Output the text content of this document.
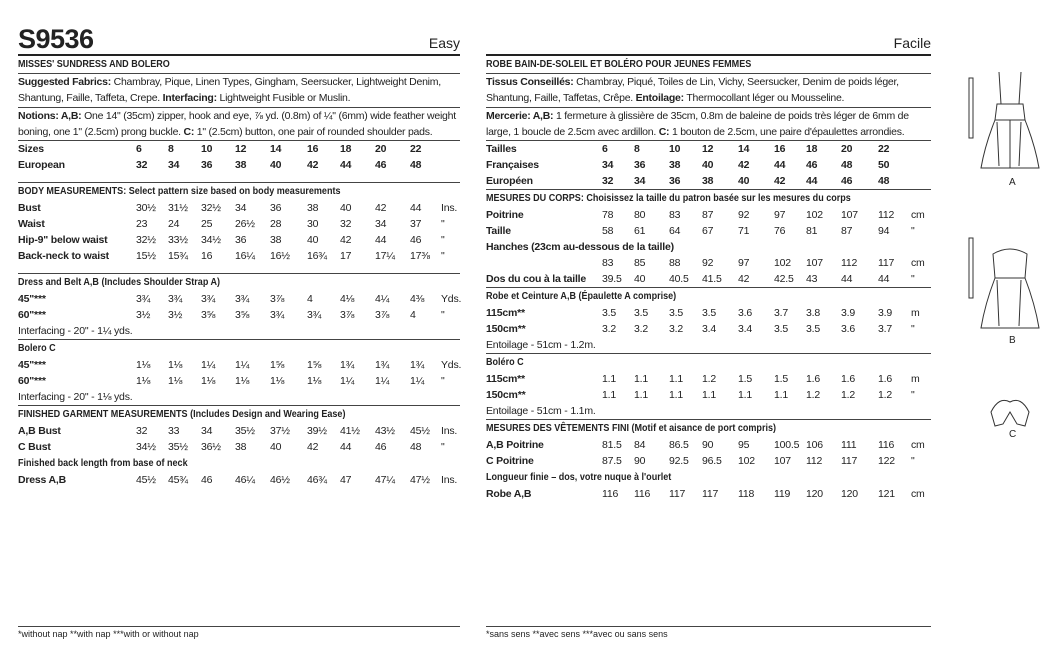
S9536	Easy
MISSES' SUNDRESS AND BOLERO
Suggested Fabrics: Chambray, Pique, Linen Types, Gingham, Seersucker, Lightweight Denim, Shantung, Faille, Taffeta, Crepe. Interfacing: Lightweight Fusible or Muslin.
Notions: A,B: One 14" (35cm) zipper, hook and eye, ⅞ yd. (0.8m) of ¼" (6mm) wide feather weight boning, one 1" (2.5cm) prong buckle. C: 1" (2.5cm) button, one pair of rounded shoulder pads.
Sizes	6	8	10 12 14 16 18 20 22
European	32 34 36 38 40 42 44 46 48
BODY MEASUREMENTS: Select pattern size based on body measurements
Bust	30½ 31½ 32½ 34 36 38 40 42 44 Ins.
Waist	23 24 25 26½ 28 30 32 34 37 "
Hip-9" below waist	32½ 33½ 34½ 36 38 40 42 44 46 "
Back-neck to waist	15½ 15¾ 16 16¼ 16½ 16¾ 17 17¼ 17⅜ "
Dress and Belt A,B (Includes Shoulder Strap A)
45"***	3¾ 3¾ 3¾ 3¾ 3⅞ 4	4⅛ 4¼ 4⅜ Yds.
60"***	3½ 3½ 3⅝ 3⅝ 3¾ 3¾ 3⅞ 3⅞ 4 "
Interfacing - 20" - 1¼ yds.
Bolero C
45"***	1⅛ 1⅛ 1¼ 1¼ 1⅝ 1⅝ 1¾ 1¾ 1¾ Yds.
60"***	1⅛ 1⅛ 1⅛ 1⅛ 1⅛ 1⅛ 1¼ 1¼ 1¼ "
Interfacing - 20" - 1⅛ yds.
FINISHED GARMENT MEASUREMENTS (Includes Design and Wearing Ease)
A,B Bust	32 33 34 35½ 37½ 39½ 41½ 43½ 45½ Ins.
C Bust	34½ 35½ 36½ 38 40 42 44 46 48 "
Finished back length from base of neck
Dress A,B	45½ 45¾ 46 46¼ 46½ 46¾ 47 47¼ 47½ Ins.
*without nap **with nap ***with or without nap
Facile
ROBE BAIN-DE-SOLEIL ET BOLÉRO POUR JEUNES FEMMES
Tissus Conseillés: Chambray, Piqué, Toiles de Lin, Vichy, Seersucker, Denim de poids léger, Shantung, Faille, Taffetas, Crêpe. Entoilage: Thermocollant léger ou Mousseline.
Mercerie: A,B: 1 fermeture à glissière de 35cm, 0.8m de baleine de poids très léger de 6mm de large, 1 boucle de 2.5cm avec ardillon. C: 1 bouton de 2.5cm, une paire d'épaulettes arrondies.
Tailles	6	8	10 12 14 16 18 20 22
Françaises	34 36 38 40 42 44 46 48 50
Européen	32 34 36 38 40 42 44 46 48
MESURES DU CORPS: Choisissez la taille du patron basée sur les mesures du corps
Poitrine	78 80 83 87 92 97 102 107 112 cm
Taille	58 61 64 67 71 76 81 87 94 "
Hanches (23cm au-dessous de la taille)
83 85 88 92 97 102 107 112 117 cm
Dos du cou à la taille 39.5 40 40.5 41.5 42 42.5 43 44 44 "
Robe et Ceinture A,B (Épaulette A comprise)
115cm**	3.5 3.5 3.5 3.5 3.6 3.7 3.8 3.9 3.9 m
150cm**	3.2 3.2 3.2 3.4 3.4 3.5 3.5 3.6 3.7 "
Entoilage - 51cm - 1.2m.
Boléro C
115cm**	1.1 1.1 1.1 1.2 1.5 1.5 1.6 1.6 1.6 m
150cm**	1.1 1.1 1.1 1.1 1.1 1.1 1.2 1.2 1.2 "
Entoilage - 51cm - 1.1m.
MESURES DES VÊTEMENTS FINI (Motif et aisance de port compris)
A,B Poitrine	81.5 84 86.5 90 95 100.5 106 111 116 cm
C Poitrine	87.5 90 92.5 96.5 102 107 112 117 122 "
Longueur finie – dos, votre nuque à l'ourlet
Robe A,B	116 116 117 117 118 119 120 120 121 cm
*sans sens **avec sens ***avec ou sans sens
A
B
C
